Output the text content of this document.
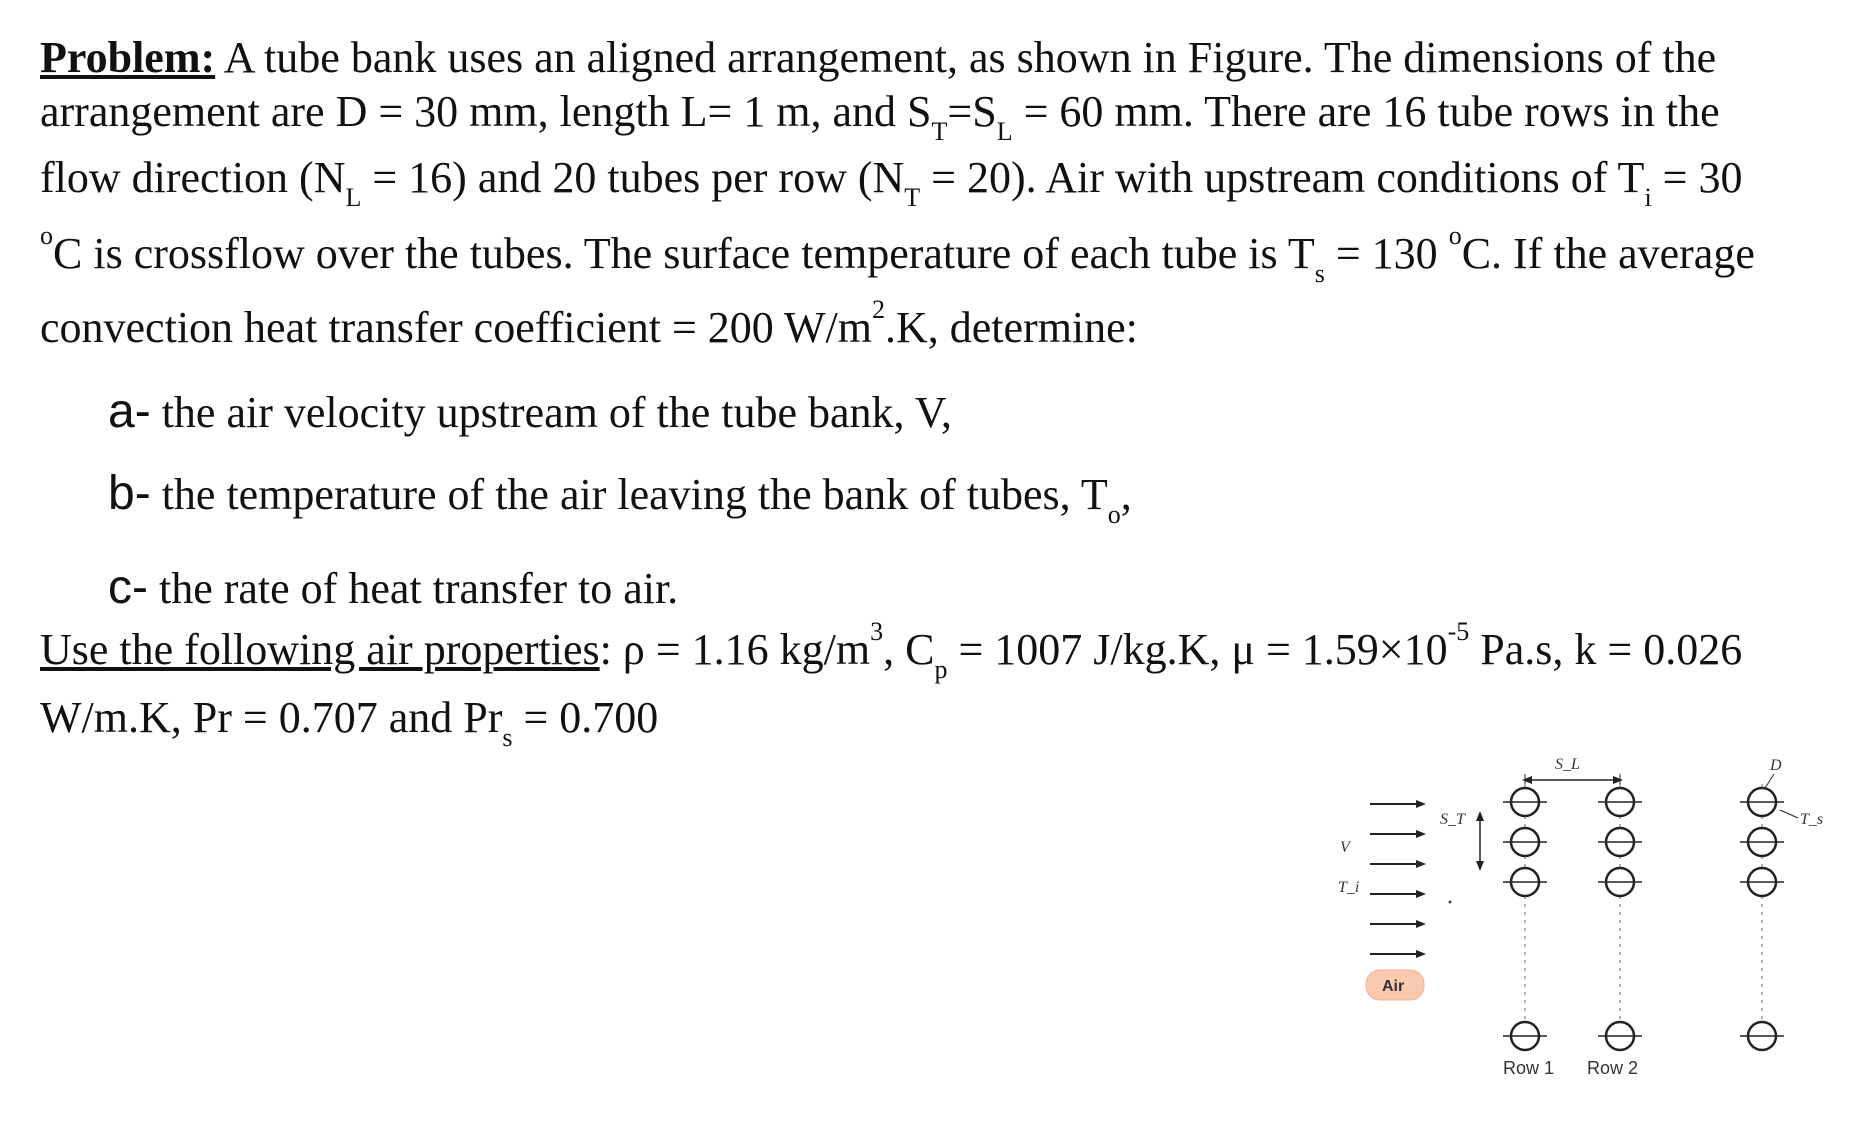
Problem: A tube bank uses an aligned arrangement, as shown in Figure. The dimensions of the
arrangement are D = 30 mm, length L= 1 m, and $S_T=S_L = 60$ mm. There are 16 tube rows in the
flow direction $(N_L = 16)$ and 20 tubes per row $(N_T = 20)$. Air with upstream conditions of $T_i = 30$
$^o$C is crossflow over the tubes. The surface temperature of each tube is $T_s = 130$ $^o$C. If the average
convection heat transfer coefficient = 200 $W/m^2.K$, determine:
a- the air velocity upstream of the tube bank, V,
b- the temperature of the air leaving the bank of tubes, $T_o$,
c- the rate of heat transfer to air.
Use the following air properties: ρ = 1.16 $kg/m^3$, $C_p = 1007$ J/kg.K, $\mu = 1.59\times 10^{-5}$ Pa.s, k = 0.026
W/m.K, Pr = 0.707 and $Pr_s = 0.700$
S_L	D
T_s
S_T
V
T_i
Air
Row 1 Row 2
